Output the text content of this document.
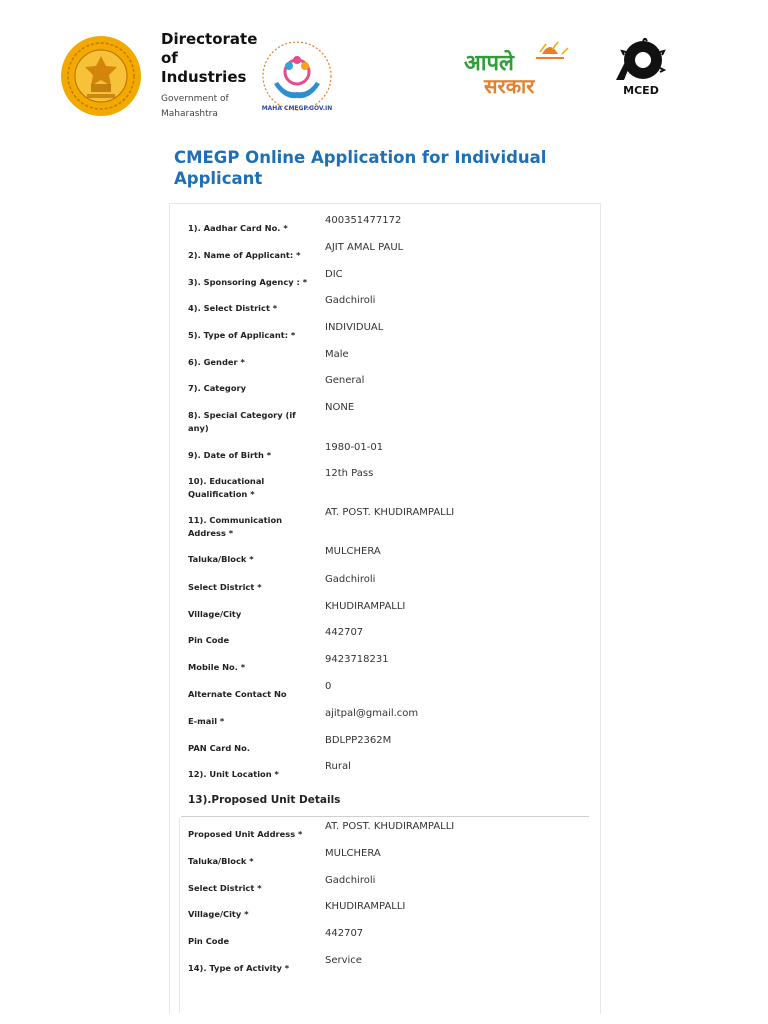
Directorate
of
Industries
Government of
Maharashtra
MAHA CMEGP.GOV.IN
आपले
सरकार	MCED
CMEGP Online Application for Individual Applicant
1). Aadhar Card No. *
400351477172
2). Name of Applicant: *
AJIT AMAL PAUL
3). Sponsoring Agency : *
DIC
4). Select District *
Gadchiroli
5). Type of Applicant: *
INDIVIDUAL
6). Gender *
Male
7). Category
General
8). Special Category (if any)
NONE
9). Date of Birth *
1980-01-01
10). Educational Qualification *
12th Pass
11). Communication Address *
AT. POST. KHUDIRAMPALLI
Taluka/Block *
MULCHERA
Select District *
Gadchiroli
Village/City
KHUDIRAMPALLI
Pin Code
442707
Mobile No. *
9423718231
Alternate Contact No
0
E-mail *
ajitpal@gmail.com
PAN Card No.
BDLPP2362M
12). Unit Location *
Rural
13).Proposed Unit Details
Proposed Unit Address *
AT. POST. KHUDIRAMPALLI
Taluka/Block *
MULCHERA
Select District *
Gadchiroli
Village/City *
KHUDIRAMPALLI
Pin Code
442707
14). Type of Activity *
Service
